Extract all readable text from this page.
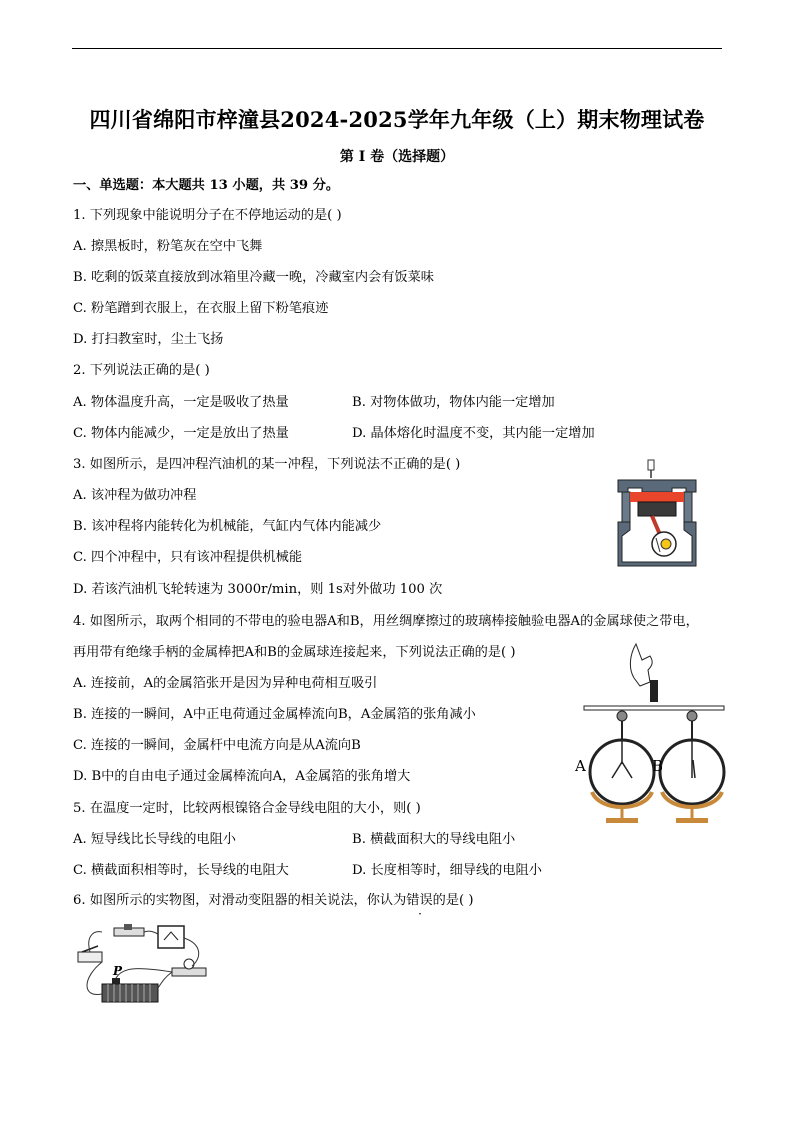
四川省绵阳市梓潼县2024-2025学年九年级（上）期末物理试卷
第 I 卷（选择题）
一、单选题：本大题共 13 小题，共 39 分。
1. 下列现象中能说明分子在不停地运动的是( )
A. 擦黑板时，粉笔灰在空中飞舞
B. 吃剩的饭菜直接放到冰箱里冷藏一晚，冷藏室内会有饭菜味
C. 粉笔蹭到衣服上，在衣服上留下粉笔痕迹
D. 打扫教室时，尘土飞扬
2. 下列说法正确的是( )
A. 物体温度升高，一定是吸收了热量	B. 对物体做功，物体内能一定增加
C. 物体内能减少，一定是放出了热量	D. 晶体熔化时温度不变，其内能一定增加
3. 如图所示，是四冲程汽油机的某一冲程，下列说法不正确的是( )
A. 该冲程为做功冲程
B. 该冲程将内能转化为机械能，气缸内气体内能减少
C. 四个冲程中，只有该冲程提供机械能
D. 若该汽油机飞轮转速为 3000r/min，则 1s对外做功 100 次
4. 如图所示，取两个相同的不带电的验电器A和B，用丝绸摩擦过的玻璃棒接触验电器A的金属球使之带电，
再用带有绝缘手柄的金属棒把A和B的金属球连接起来，下列说法正确的是( )
A. 连接前，A的金属箔张开是因为异种电荷相互吸引
B. 连接的一瞬间，A中正电荷通过金属棒流向B，A金属箔的张角减小
C. 连接的一瞬间，金属杆中电流方向是从A流向B
D. B中的自由电子通过金属棒流向A，A金属箔的张角增大
A	B
5. 在温度一定时，比较两根镍铬合金导线电阻的大小，则( )
A. 短导线比长导线的电阻小	B. 横截面积大的导线电阻小
C. 横截面积相等时，长导线的电阻大	D. 长度相等时，细导线的电阻小
6. 如图所示的实物图，对滑动变阻器的相关说法，你认为错误的是( )
P
